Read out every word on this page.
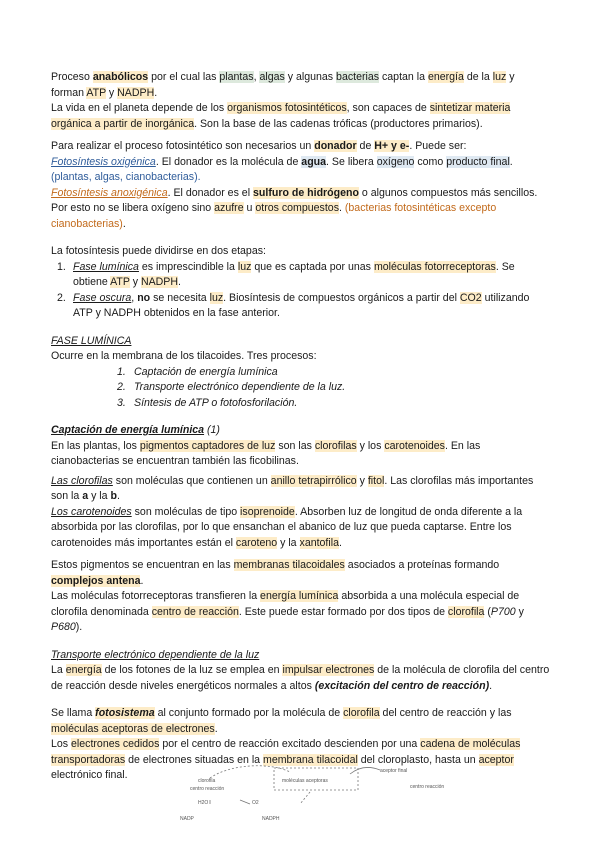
Proceso anabólicos por el cual las plantas, algas y algunas bacterias captan la energía de la luz y
forman ATP y NADPH.

La vida en el planeta depende de los organismos fotosintéticos, son capaces de sintetizar materia orgánica a partir de inorgánica. Son la base de las cadenas tróficas (productores primarios).

Para realizar el proceso fotosintético son necesarios un donador de H+ y e-. Puede ser:

Fotosíntesis oxigénica. El donador es la molécula de agua. Se libera oxígeno como producto final.
(plantas, algas, cianobacterias).

Fotosíntesis anoxigénica. El donador es el sulfuro de hidrógeno o algunos compuestos más sencillos. Por esto no se libera oxígeno sino azufre u otros compuestos. (bacterias fotosintéticas excepto cianobacterias).

La fotosíntesis puede dividirse en dos etapas:

1. Fase lumínica es imprescindible la luz que es captada por unas moléculas fotorreceptoras. Se obtiene ATP y NADPH.
2. Fase oscura, no se necesita luz. Biosíntesis de compuestos orgánicos a partir del CO2 utilizando ATP y NADPH obtenidos en la fase anterior.

FASE LUMÍNICA

Ocurre en la membrana de los tilacoides. Tres procesos:

1. Captación de energía lumínica
2. Transporte electrónico dependiente de la luz.
3. Síntesis de ATP o fotofosforilación.

Captación de energía lumínica (1)

En las plantas, los pigmentos captadores de luz son las clorofilas y los carotenoides. En las cianobacterias se encuentran también las ficobilinas.

Las clorofilas son moléculas que contienen un anillo tetrapirrólico y fitol. Las clorofilas más importantes son la a y la b.

Los carotenoides son moléculas de tipo isoprenoide. Absorben luz de longitud de onda diferente a la absorbida por las clorofilas, por lo que ensanchan el abanico de luz que pueda captarse. Entre los carotenoides más importantes están el caroteno y la xantofila.

Estos pigmentos se encuentran en las membranas tilacoidales asociados a proteínas formando complejos antena.

Las moléculas fotorreceptoras transfieren la energía lumínica absorbida a una molécula especial de clorofila denominada centro de reacción. Este puede estar formado por dos tipos de clorofila (P700 y P680).

Transporte electrónico dependiente de la luz

La energía de los fotones de la luz se emplea en impulsar electrones de la molécula de clorofila del centro de reacción desde niveles energéticos normales a altos (excitación del centro de reacción).

Se llama fotosistema al conjunto formado por la molécula de clorofila del centro de reacción y las moléculas aceptoras de electrones.

Los electrones cedidos por el centro de reacción excitado descienden por una cadena de moléculas transportadoras de electrones situadas en la membrana tilacoidal del cloroplasto, hasta un aceptor electrónico final.	clorofila
centro reacción
moléculas aceptoras
aceptor final
centro reacción
H2O	O2
NADP	NADPH
